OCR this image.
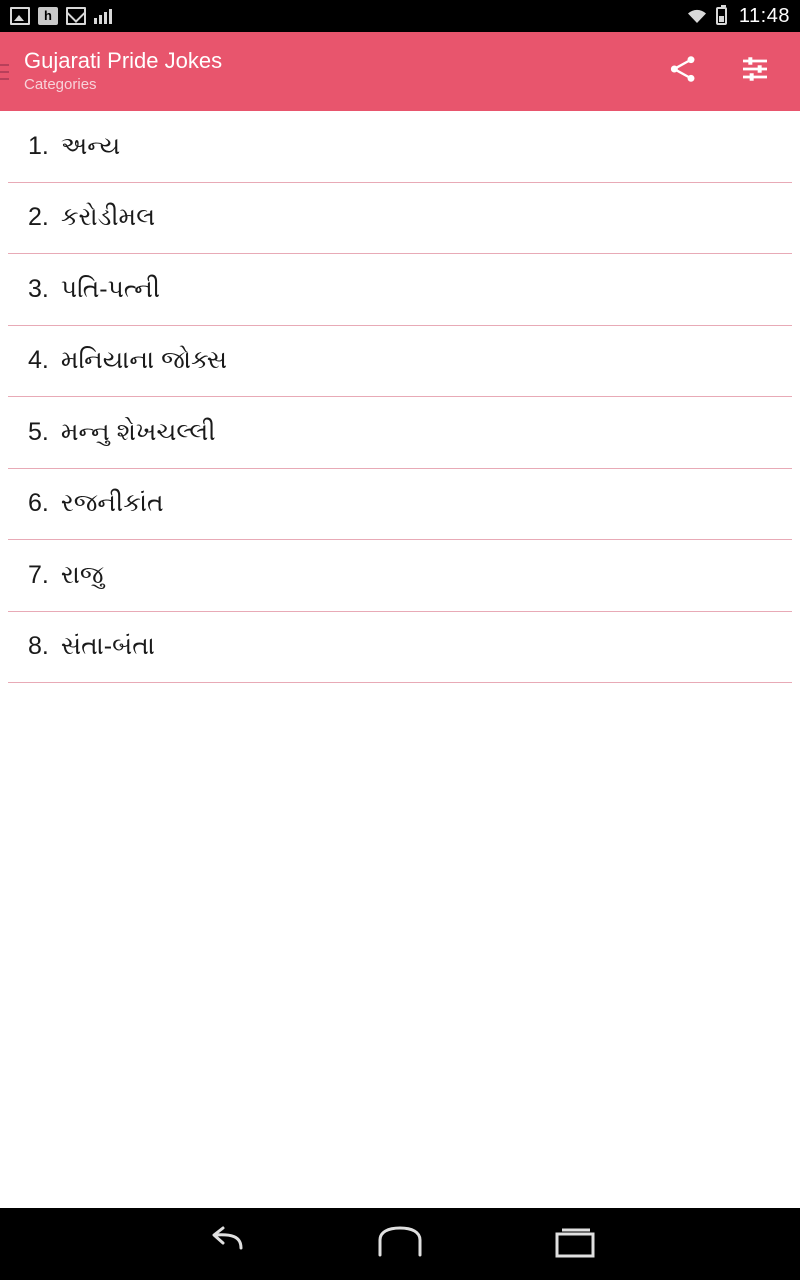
h	11:48
Gujarati Pride Jokes
Categories
1. અન્ય
2. કરોડીમલ
3. પતિ-પત્ની
4. મનિયાના જોક્સ
5. મન્નુ શેખચલ્લી
6. રજનીકાંત
7. રાજુ
8. સંતા-બંતા
